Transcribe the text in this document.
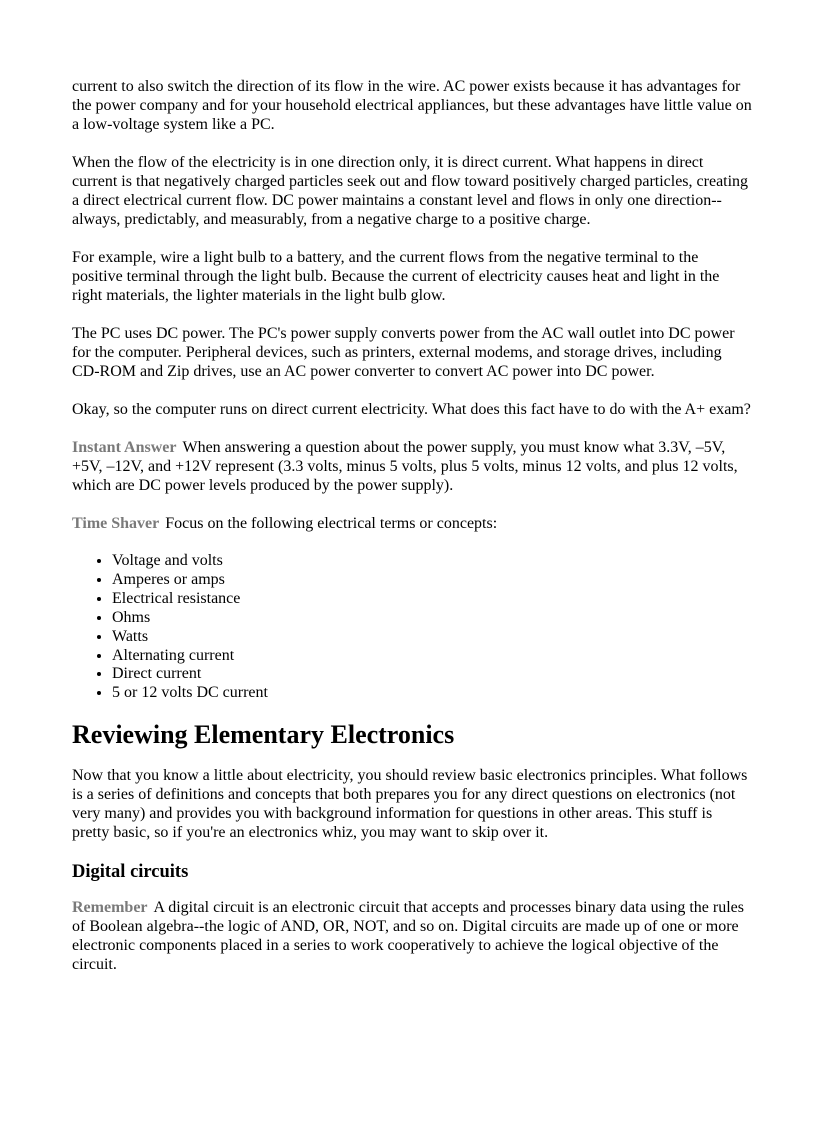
current to also switch the direction of its flow in the wire. AC power exists because it has advantages for the power company and for your household electrical appliances, but these advantages have little value on a low-voltage system like a PC.

When the flow of the electricity is in one direction only, it is direct current. What happens in direct current is that negatively charged particles seek out and flow toward positively charged particles, creating a direct electrical current flow. DC power maintains a constant level and flows in only one direction--always, predictably, and measurably, from a negative charge to a positive charge.

For example, wire a light bulb to a battery, and the current flows from the negative terminal to the positive terminal through the light bulb. Because the current of electricity causes heat and light in the right materials, the lighter materials in the light bulb glow.

The PC uses DC power. The PC's power supply converts power from the AC wall outlet into DC power for the computer. Peripheral devices, such as printers, external modems, and storage drives, including CD-ROM and Zip drives, use an AC power converter to convert AC power into DC power.

Okay, so the computer runs on direct current electricity. What does this fact have to do with the A+ exam?

Instant Answer When answering a question about the power supply, you must know what 3.3V, –5V, +5V, –12V, and +12V represent (3.3 volts, minus 5 volts, plus 5 volts, minus 12 volts, and plus 12 volts, which are DC power levels produced by the power supply).

Time Shaver Focus on the following electrical terms or concepts:

• Voltage and volts
• Amperes or amps
• Electrical resistance
• Ohms
• Watts
• Alternating current
• Direct current
• 5 or 12 volts DC current
Reviewing Elementary Electronics

Now that you know a little about electricity, you should review basic electronics principles. What follows is a series of definitions and concepts that both prepares you for any direct questions on electronics (not very many) and provides you with background information for questions in other areas. This stuff is pretty basic, so if you're an electronics whiz, you may want to skip over it.

Digital circuits

Remember A digital circuit is an electronic circuit that accepts and processes binary data using the rules of Boolean algebra--the logic of AND, OR, NOT, and so on. Digital circuits are made up of one or more electronic components placed in a series to work cooperatively to achieve the logical objective of the circuit.
